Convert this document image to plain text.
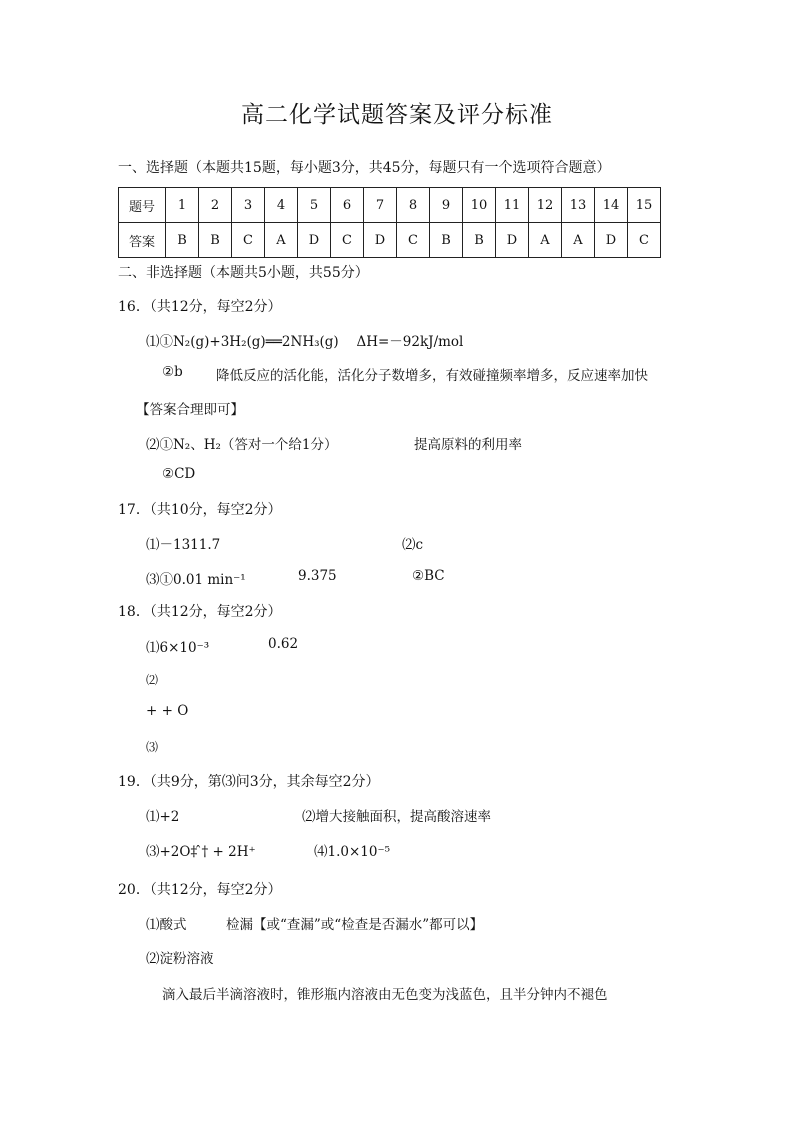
高二化学试题答案及评分标准
一、选择题（本题共15题，每小题3分，共45分，每题只有一个选项符合题意）
题号	1	2	3	4	5	6	7	8	9	10	11	12	13	14	15
答案	B	B	C	A	D	C	D	C	B	B	D	A	A	D	C
二、非选择题（本题共5小题，共55分）
16．（共12分，每空2分）
⑴①N₂(g)+3H₂(g)══2NH₃(g)　 ΔH=－92kJ/mol
②b 降低反应的活化能，活化分子数增多，有效碰撞频率增多，反应速率加快
【答案合理即可】
⑵①N₂、H₂（答对一个给1分）	提高原料的利用率
②CD
17．（共10分，每空2分）
⑴－1311.7	⑵c
⑶①0.01 min⁻¹	9.375	②BC
18．（共12分，每空2分）
⑴6×10⁻³	0.62
⑵
+ + O
⑶
19．（共9分，第⑶问3分，其余每空2分）
⑴+2	⑵增大接触面积，提高酸溶速率
⑶+2O‡ ̂† + 2H⁺	⑷1.0×10⁻⁵
20．（共12分，每空2分）
⑴酸式	检漏【或“查漏”或“检查是否漏水”都可以】
⑵淀粉溶液
滴入最后半滴溶液时，锥形瓶内溶液由无色变为浅蓝色，且半分钟内不褪色
